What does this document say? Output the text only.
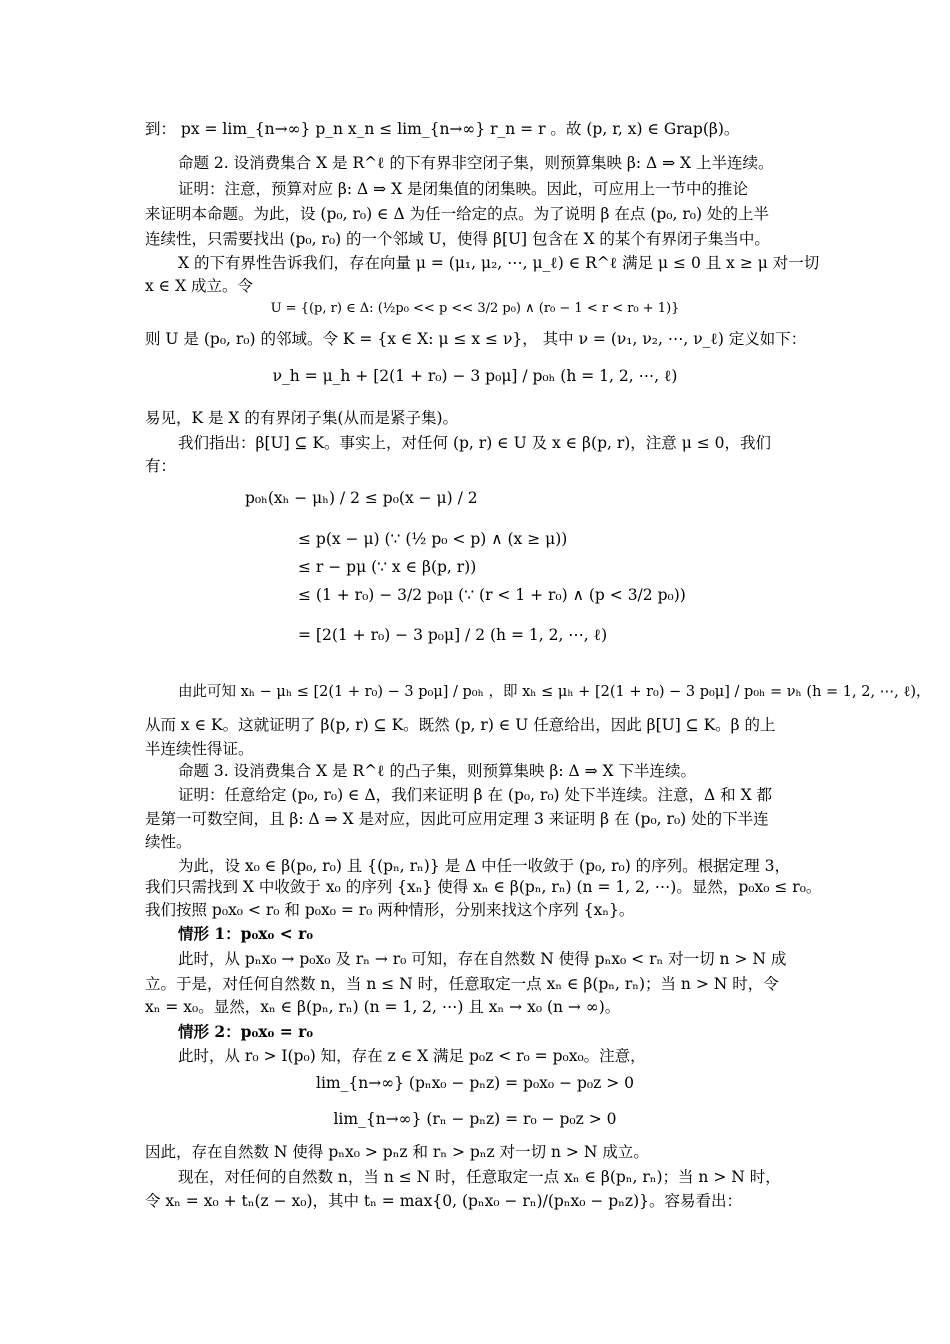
到： px = lim_{n→∞} p_n x_n ≤ lim_{n→∞} r_n = r 。故 (p, r, x) ∈ Grap(β)。
命题 2. 设消费集合 X 是 R^ℓ 的下有界非空闭子集，则预算集映 β: Δ ⇒ X 上半连续。
证明：注意，预算对应 β: Δ ⇒ X 是闭集值的闭集映。因此，可应用上一节中的推论
来证明本命题。为此，设 (p₀, r₀) ∈ Δ 为任一给定的点。为了说明 β 在点 (p₀, r₀) 处的上半
连续性，只需要找出 (p₀, r₀) 的一个邻域 U，使得 β[U] 包含在 X 的某个有界闭子集当中。
X 的下有界性告诉我们，存在向量 μ = (μ₁, μ₂, ⋯, μ_ℓ) ∈ R^ℓ 满足 μ ≤ 0 且 x ≥ μ 对一切
x ∈ X 成立。令
U = {(p, r) ∈ Δ: (½p₀ << p << 3/2 p₀) ∧ (r₀ − 1 < r < r₀ + 1)}
则 U 是 (p₀, r₀) 的邻域。令 K = {x ∈ X: μ ≤ x ≤ ν}， 其中 ν = (ν₁, ν₂, ⋯, ν_ℓ) 定义如下：
ν_h = μ_h + [2(1 + r₀) − 3 p₀μ] / p₀ₕ (h = 1, 2, ⋯, ℓ)
易见，K 是 X 的有界闭子集(从而是紧子集)。
我们指出：β[U] ⊆ K。事实上，对任何 (p, r) ∈ U 及 x ∈ β(p, r)，注意 μ ≤ 0，我们
有：
p₀ₕ(xₕ − μₕ) / 2 ≤ p₀(x − μ) / 2
≤ p(x − μ) (∵ (½ p₀ < p) ∧ (x ≥ μ))
≤ r − pμ (∵ x ∈ β(p, r))
≤ (1 + r₀) − 3/2 p₀μ (∵ (r < 1 + r₀) ∧ (p < 3/2 p₀))
= [2(1 + r₀) − 3 p₀μ] / 2 (h = 1, 2, ⋯, ℓ)
由此可知 xₕ − μₕ ≤ [2(1 + r₀) − 3 p₀μ] / p₀ₕ ，即 xₕ ≤ μₕ + [2(1 + r₀) − 3 p₀μ] / p₀ₕ = νₕ (h = 1, 2, ⋯, ℓ)，
从而 x ∈ K。这就证明了 β(p, r) ⊆ K。既然 (p, r) ∈ U 任意给出，因此 β[U] ⊆ K。β 的上
半连续性得证。
命题 3. 设消费集合 X 是 R^ℓ 的凸子集，则预算集映 β: Δ ⇒ X 下半连续。
证明：任意给定 (p₀, r₀) ∈ Δ，我们来证明 β 在 (p₀, r₀) 处下半连续。注意，Δ 和 X 都
是第一可数空间，且 β: Δ ⇒ X 是对应，因此可应用定理 3 来证明 β 在 (p₀, r₀) 处的下半连
续性。
为此，设 x₀ ∈ β(p₀, r₀) 且 {(pₙ, rₙ)} 是 Δ 中任一收敛于 (p₀, r₀) 的序列。根据定理 3，
我们只需找到 X 中收敛于 x₀ 的序列 {xₙ} 使得 xₙ ∈ β(pₙ, rₙ) (n = 1, 2, ⋯)。显然，p₀x₀ ≤ r₀。
我们按照 p₀x₀ < r₀ 和 p₀x₀ = r₀ 两种情形，分别来找这个序列 {xₙ}。
情形 1：p₀x₀ < r₀
此时，从 pₙx₀ → p₀x₀ 及 rₙ → r₀ 可知，存在自然数 N 使得 pₙx₀ < rₙ 对一切 n > N 成
立。于是，对任何自然数 n，当 n ≤ N 时，任意取定一点 xₙ ∈ β(pₙ, rₙ)；当 n > N 时，令
xₙ = x₀。显然，xₙ ∈ β(pₙ, rₙ) (n = 1, 2, ⋯) 且 xₙ → x₀ (n → ∞)。
情形 2：p₀x₀ = r₀
此时，从 r₀ > I(p₀) 知，存在 z ∈ X 满足 p₀z < r₀ = p₀x₀。注意，
lim_{n→∞} (pₙx₀ − pₙz) = p₀x₀ − p₀z > 0
lim_{n→∞} (rₙ − pₙz) = r₀ − p₀z > 0
因此，存在自然数 N 使得 pₙx₀ > pₙz 和 rₙ > pₙz 对一切 n > N 成立。
现在，对任何的自然数 n，当 n ≤ N 时，任意取定一点 xₙ ∈ β(pₙ, rₙ)；当 n > N 时，
令 xₙ = x₀ + tₙ(z − x₀)，其中 tₙ = max{0, (pₙx₀ − rₙ)/(pₙx₀ − pₙz)}。容易看出：
